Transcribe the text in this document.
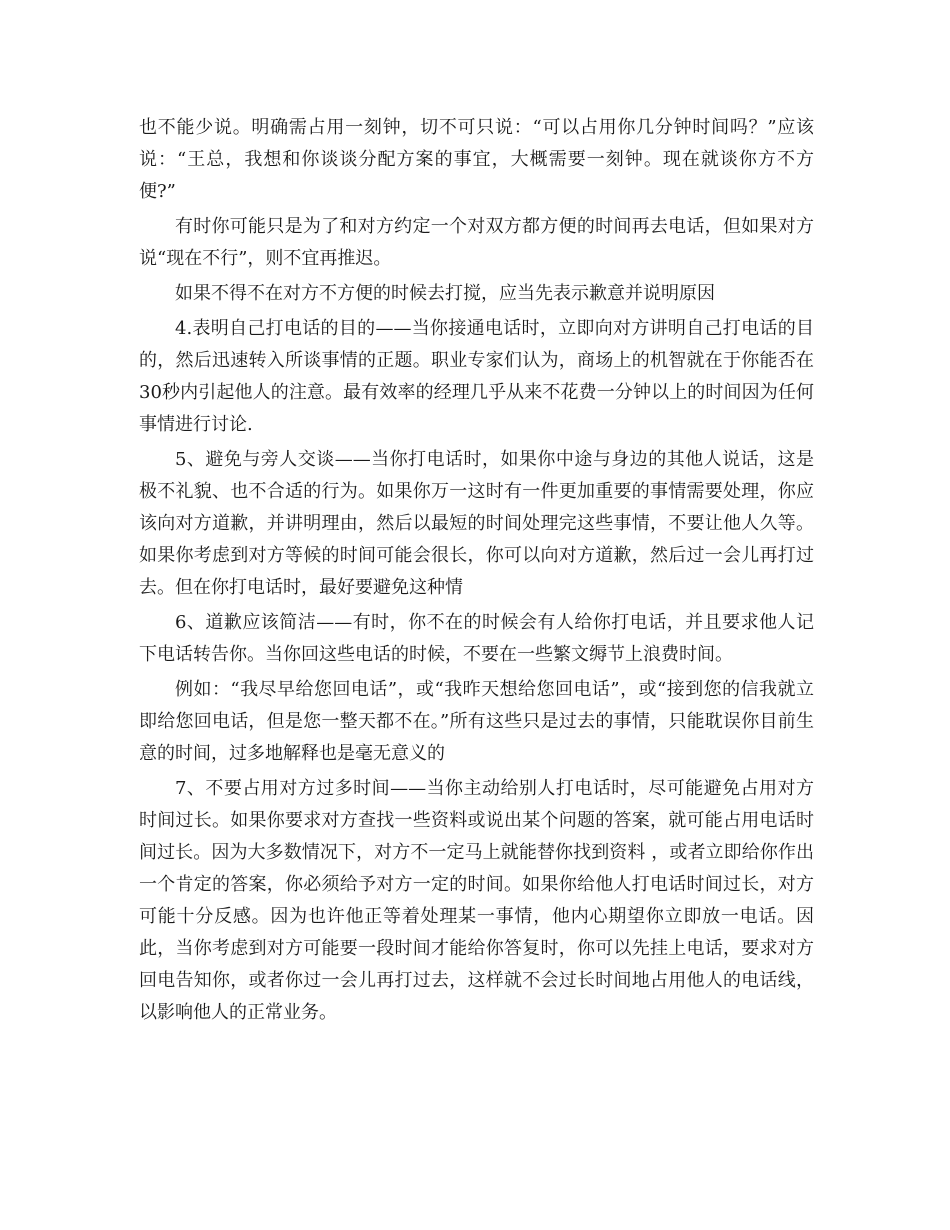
也不能少说。明确需占用一刻钟，切不可只说：“可以占用你几分钟时间吗？”应该说：“王总，我想和你谈谈分配方案的事宜，大概需要一刻钟。现在就谈你方不方便?”

有时你可能只是为了和对方约定一个对双方都方便的时间再去电话，但如果对方说“现在不行”，则不宜再推迟。

如果不得不在对方不方便的时候去打搅，应当先表示歉意并说明原因

4.表明自己打电话的目的——当你接通电话时，立即向对方讲明自己打电话的目的，然后迅速转入所谈事情的正题。职业专家们认为，商场上的机智就在于你能否在30秒内引起他人的注意。最有效率的经理几乎从来不花费一分钟以上的时间因为任何事情进行讨论.

5、避免与旁人交谈——当你打电话时，如果你中途与身边的其他人说话，这是极不礼貌、也不合适的行为。如果你万一这时有一件更加重要的事情需要处理，你应该向对方道歉，并讲明理由，然后以最短的时间处理完这些事情，不要让他人久等。如果你考虑到对方等候的时间可能会很长，你可以向对方道歉，然后过一会儿再打过去。但在你打电话时，最好要避免这种情

6、道歉应该简洁——有时，你不在的时候会有人给你打电话，并且要求他人记下电话转告你。当你回这些电话的时候，不要在一些繁文缛节上浪费时间。

例如：“我尽早给您回电话”，或“我昨天想给您回电话”，或“接到您的信我就立即给您回电话，但是您一整天都不在。”所有这些只是过去的事情，只能耽误你目前生意的时间，过多地解释也是毫无意义的

7、不要占用对方过多时间——当你主动给别人打电话时，尽可能避免占用对方时间过长。如果你要求对方查找一些资料或说出某个问题的答案，就可能占用电话时间过长。因为大多数情况下，对方不一定马上就能替你找到资料 ，或者立即给你作出一个肯定的答案，你必须给予对方一定的时间。如果你给他人打电话时间过长，对方可能十分反感。因为也许他正等着处理某一事情，他内心期望你立即放一电话。因此，当你考虑到对方可能要一段时间才能给你答复时，你可以先挂上电话，要求对方回电告知你，或者你过一会儿再打过去，这样就不会过长时间地占用他人的电话线，以影响他人的正常业务。
